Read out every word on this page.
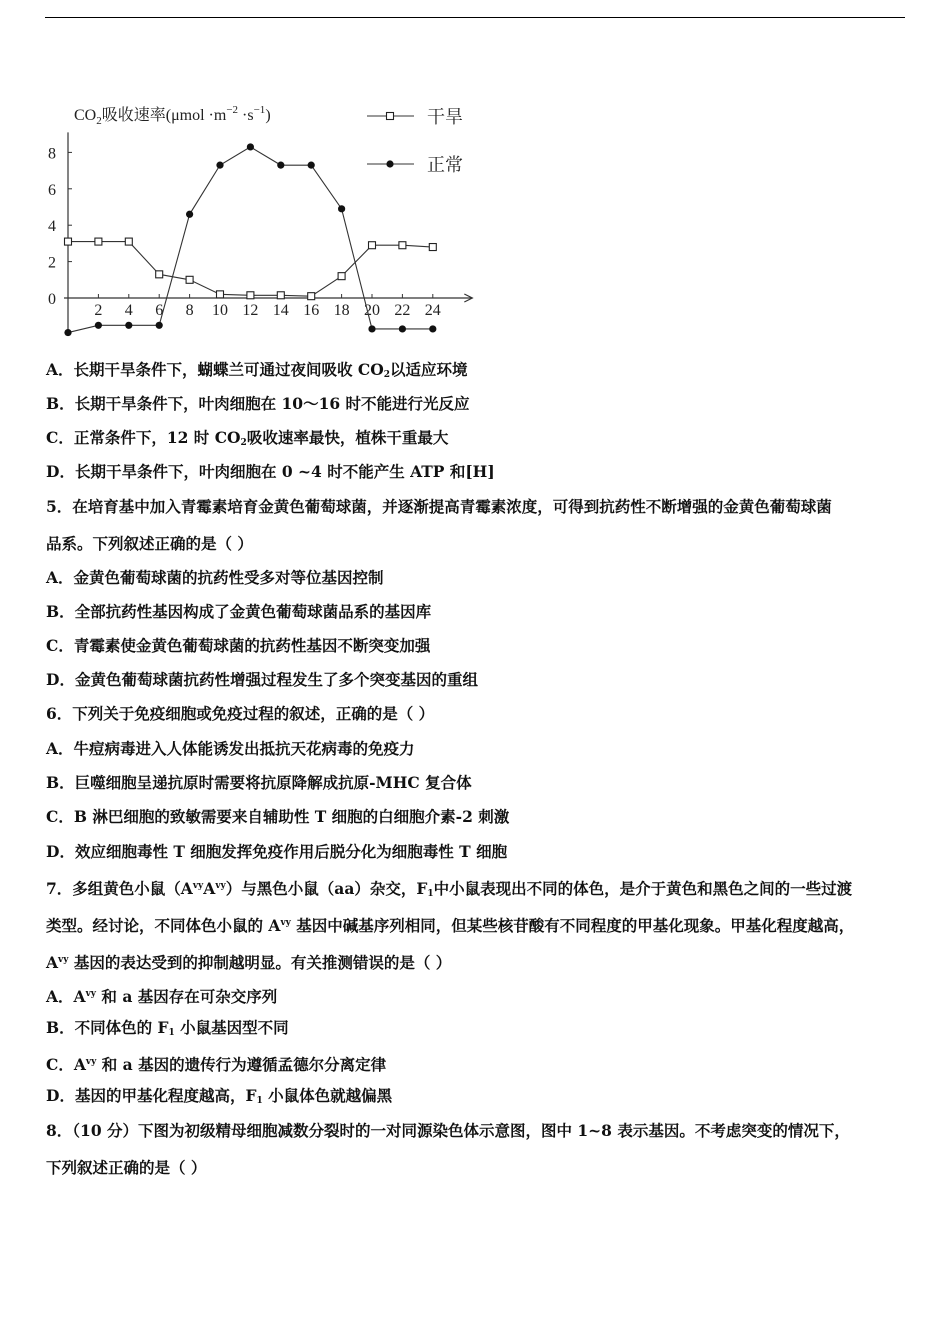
0
2
4
6
8
2 4 6 8 10 12 14 16 18 20 22 24
干旱
正常
$CO_2$吸收速率$(\mu mol \cdot m^{-2} \cdot s^{-1})$
A．长期干旱条件下，蝴蝶兰可通过夜间吸收 $CO_2$以适应环境
B．长期干旱条件下，叶肉细胞在 10～16 时不能进行光反应
C．正常条件下，12 时 $CO_2$吸收速率最快，植株干重最大
D．长期干旱条件下，叶肉细胞在 0 ~4 时不能产生 ATP 和[H]
5．在培育基中加入青霉素培育金黄色葡萄球菌，并逐渐提高青霉素浓度，可得到抗药性不断增强的金黄色葡萄球菌
品系。下列叙述正确的是（ ）
A．金黄色葡萄球菌的抗药性受多对等位基因控制
B．全部抗药性基因构成了金黄色葡萄球菌品系的基因库
C．青霉素使金黄色葡萄球菌的抗药性基因不断突变加强
D．金黄色葡萄球菌抗药性增强过程发生了多个突变基因的重组
6．下列关于免疫细胞或免疫过程的叙述，正确的是（ ）
A．牛痘病毒进入人体能诱发出抵抗天花病毒的免疫力
B．巨噬细胞呈递抗原时需要将抗原降解成抗原-MHC 复合体
C．B 淋巴细胞的致敏需要来自辅助性 T 细胞的白细胞介素-2 刺激
D．效应细胞毒性 T 细胞发挥免疫作用后脱分化为细胞毒性 T 细胞
7．多组黄色小鼠$(A^{vy}A^{vy})$与黑色小鼠（aa）杂交，$F_1$中小鼠表现出不同的体色，是介于黄色和黑色之间的一些过渡
类型。经讨论，不同体色小鼠的 $A^{vy}$ 基因中碱基序列相同，但某些核苷酸有不同程度的甲基化现象。甲基化程度越高，
$A^{vy}$ 基因的表达受到的抑制越明显。有关推测错误的是（ ）
A．$A^{vy}$ 和 a 基因存在可杂交序列
B．不同体色的 $F_1$ 小鼠基因型不同
C．$A^{vy}$ 和 a 基因的遗传行为遵循孟德尔分离定律
D．基因的甲基化程度越高，$F_1$ 小鼠体色就越偏黑
8．（10 分）下图为初级精母细胞减数分裂时的一对同源染色体示意图，图中 1~8 表示基因。不考虑突变的情况下，
下列叙述正确的是（ ）
